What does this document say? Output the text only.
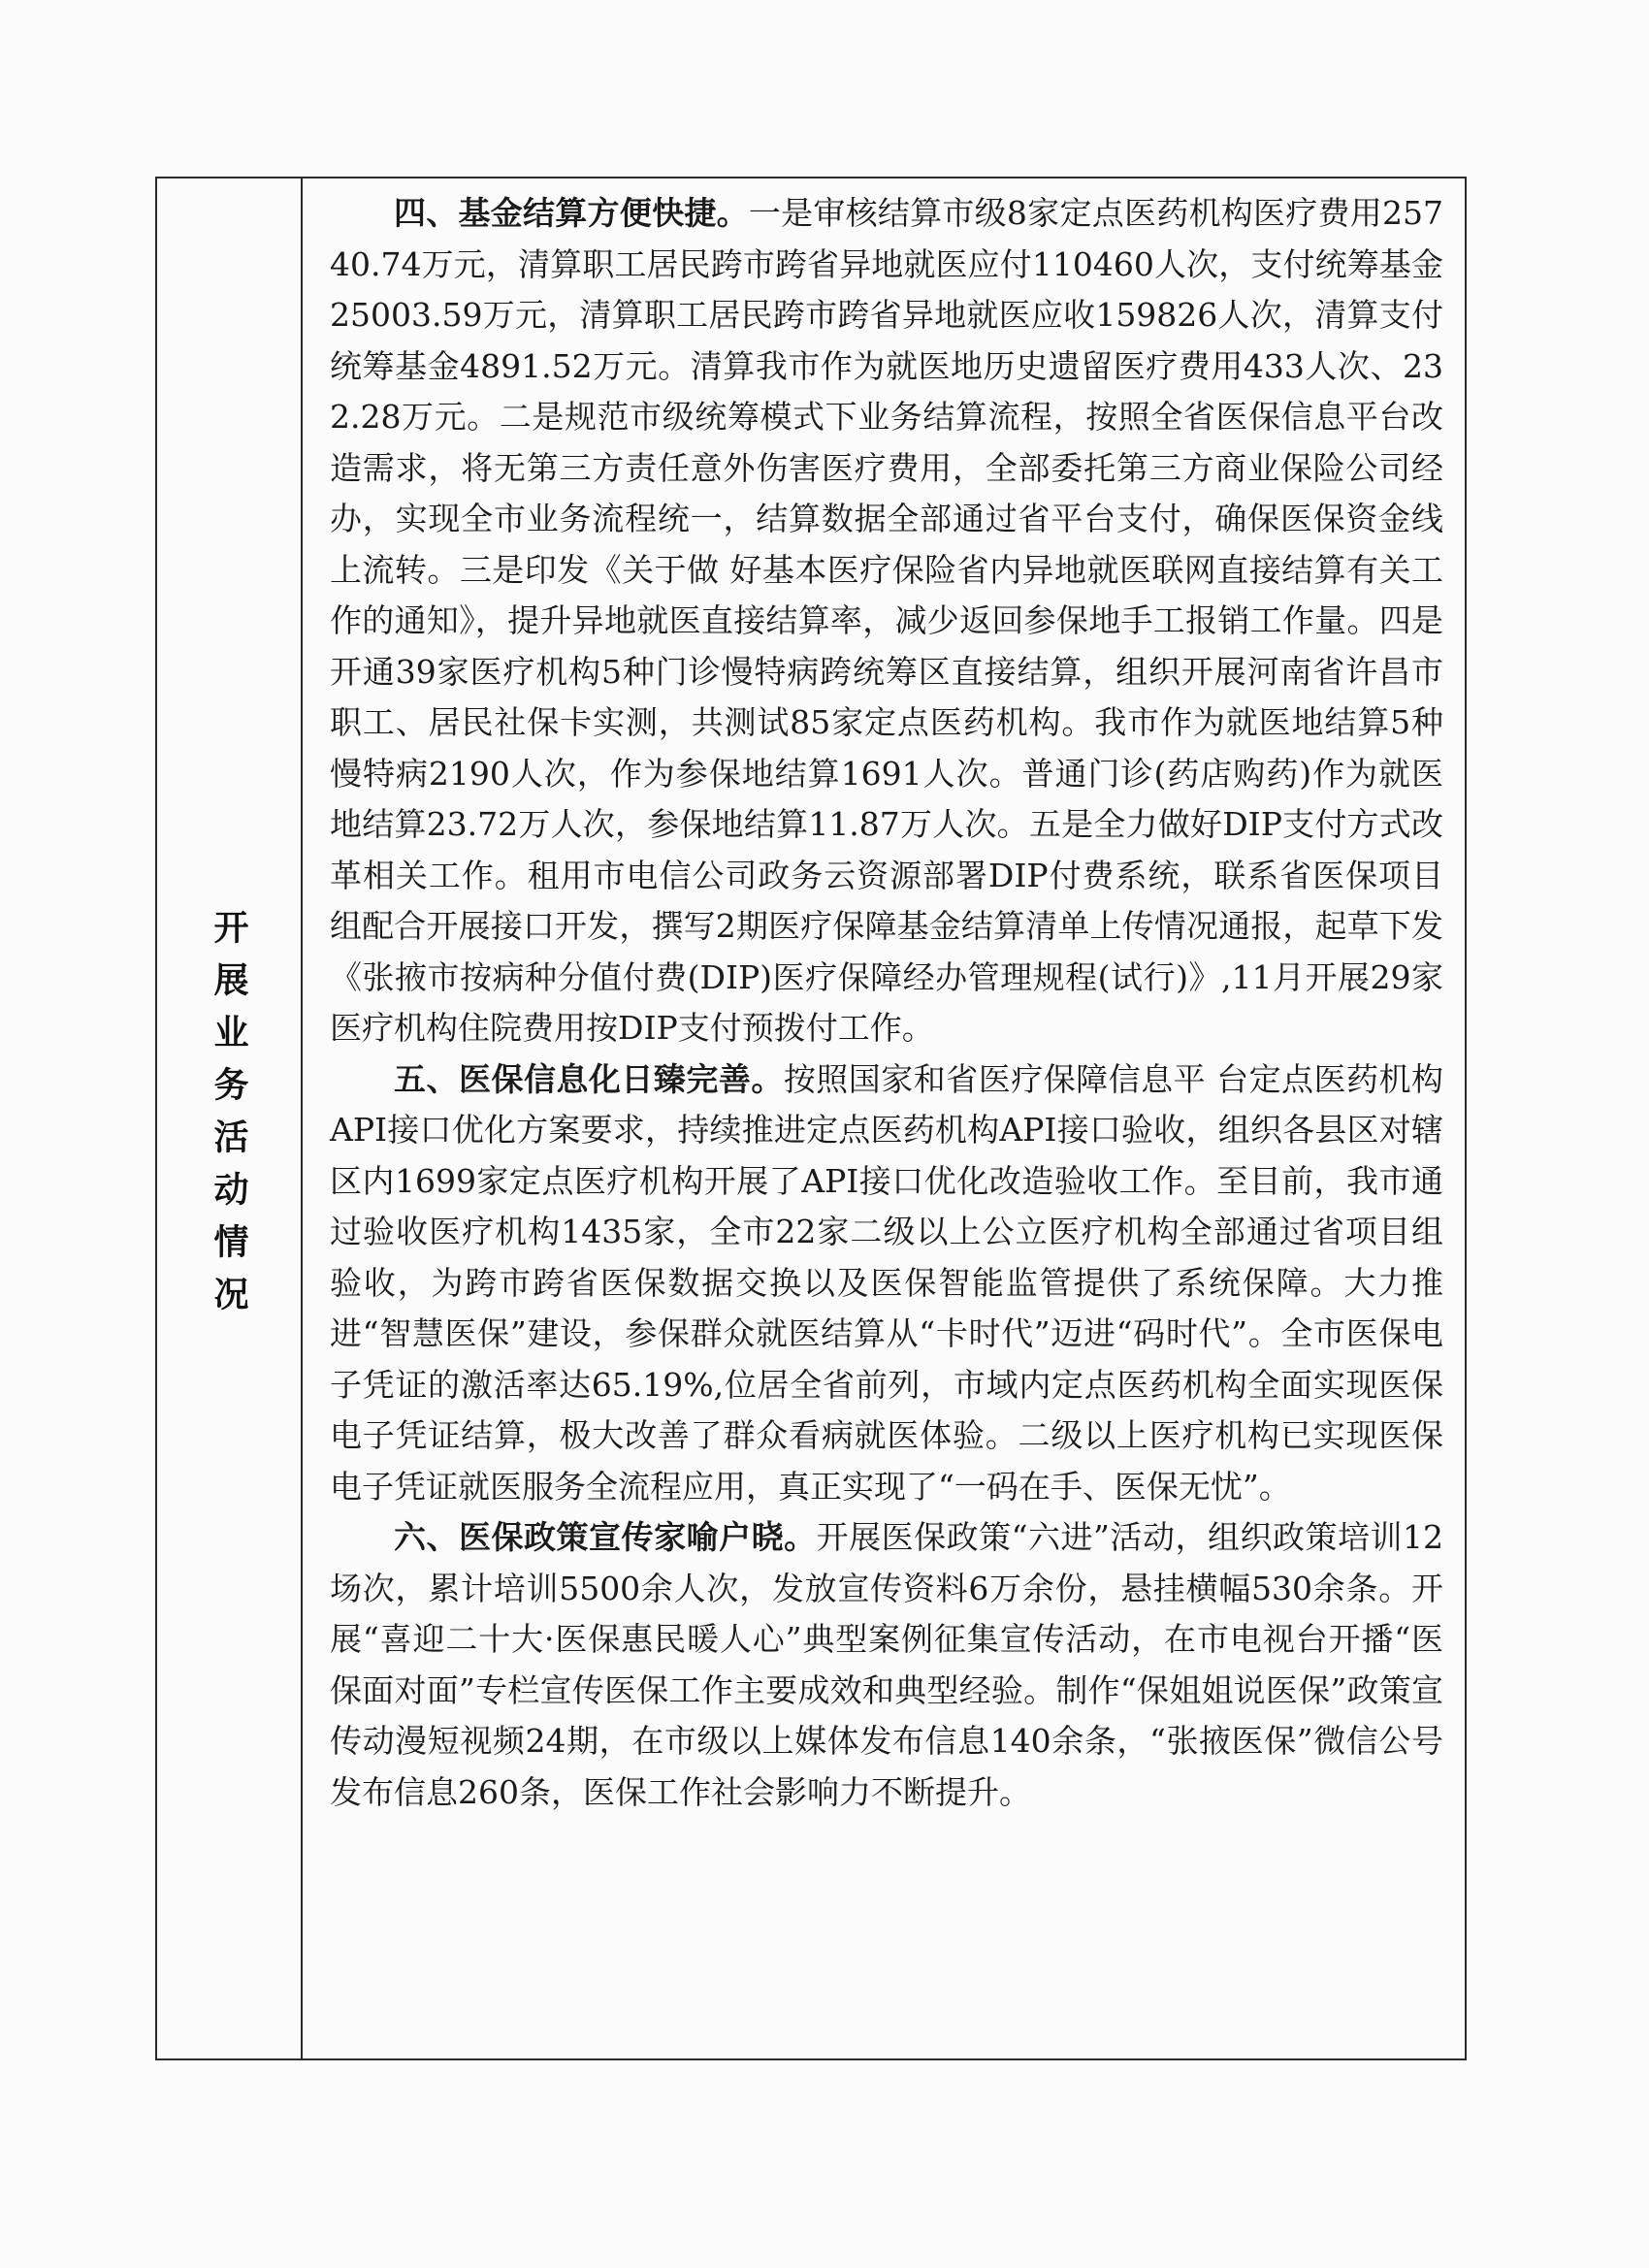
开展业务活动情况

四、基金结算方便快捷。一是审核结算市级8家定点医药机构医疗费用25740.74万元，清算职工居民跨市跨省异地就医应付110460人次，支付统筹基金25003.59万元，清算职工居民跨市跨省异地就医应收159826人次，清算支付统筹基金4891.52万元。清算我市作为就医地历史遗留医疗费用433人次、232.28万元。二是规范市级统筹模式下业务结算流程，按照全省医保信息平台改造需求，将无第三方责任意外伤害医疗费用，全部委托第三方商业保险公司经办，实现全市业务流程统一，结算数据全部通过省平台支付，确保医保资金线上流转。三是印发《关于做 好基本医疗保险省内异地就医联网直接结算有关工作的通知》，提升异地就医直接结算率，减少返回参保地手工报销工作量。四是开通39家医疗机构5种门诊慢特病跨统筹区直接结算，组织开展河南省许昌市职工、居民社保卡实测，共测试85家定点医药机构。我市作为就医地结算5种慢特病2190人次，作为参保地结算1691人次。普通门诊(药店购药)作为就医地结算23.72万人次，参保地结算11.87万人次。五是全力做好DIP支付方式改革相关工作。租用市电信公司政务云资源部署DIP付费系统，联系省医保项目组配合开展接口开发，撰写2期医疗保障基金结算清单上传情况通报，起草下发《张掖市按病种分值付费(DIP)医疗保障经办管理规程(试行)》,11月开展29家医疗机构住院费用按DIP支付预拨付工作。

五、医保信息化日臻完善。按照国家和省医疗保障信息平 台定点医药机构API接口优化方案要求，持续推进定点医药机构API接口验收，组织各县区对辖区内1699家定点医疗机构开展了API接口优化改造验收工作。至目前，我市通过验收医疗机构1435家，全市22家二级以上公立医疗机构全部通过省项目组验收，为跨市跨省医保数据交换以及医保智能监管提供了系统保障。大力推进“智慧医保”建设，参保群众就医结算从“卡时代”迈进“码时代”。全市医保电子凭证的激活率达65.19%,位居全省前列，市域内定点医药机构全面实现医保电子凭证结算，极大改善了群众看病就医体验。二级以上医疗机构已实现医保电子凭证就医服务全流程应用，真正实现了“一码在手、医保无忧”。

六、医保政策宣传家喻户晓。开展医保政策“六进”活动，组织政策培训12场次，累计培训5500余人次，发放宣传资料6万余份，悬挂横幅530余条。开展“喜迎二十大·医保惠民暖人心”典型案例征集宣传活动，在市电视台开播“医保面对面”专栏宣传医保工作主要成效和典型经验。制作“保姐姐说医保”政策宣传动漫短视频24期，在市级以上媒体发布信息140余条，“张掖医保”微信公号发布信息260条，医保工作社会影响力不断提升。
